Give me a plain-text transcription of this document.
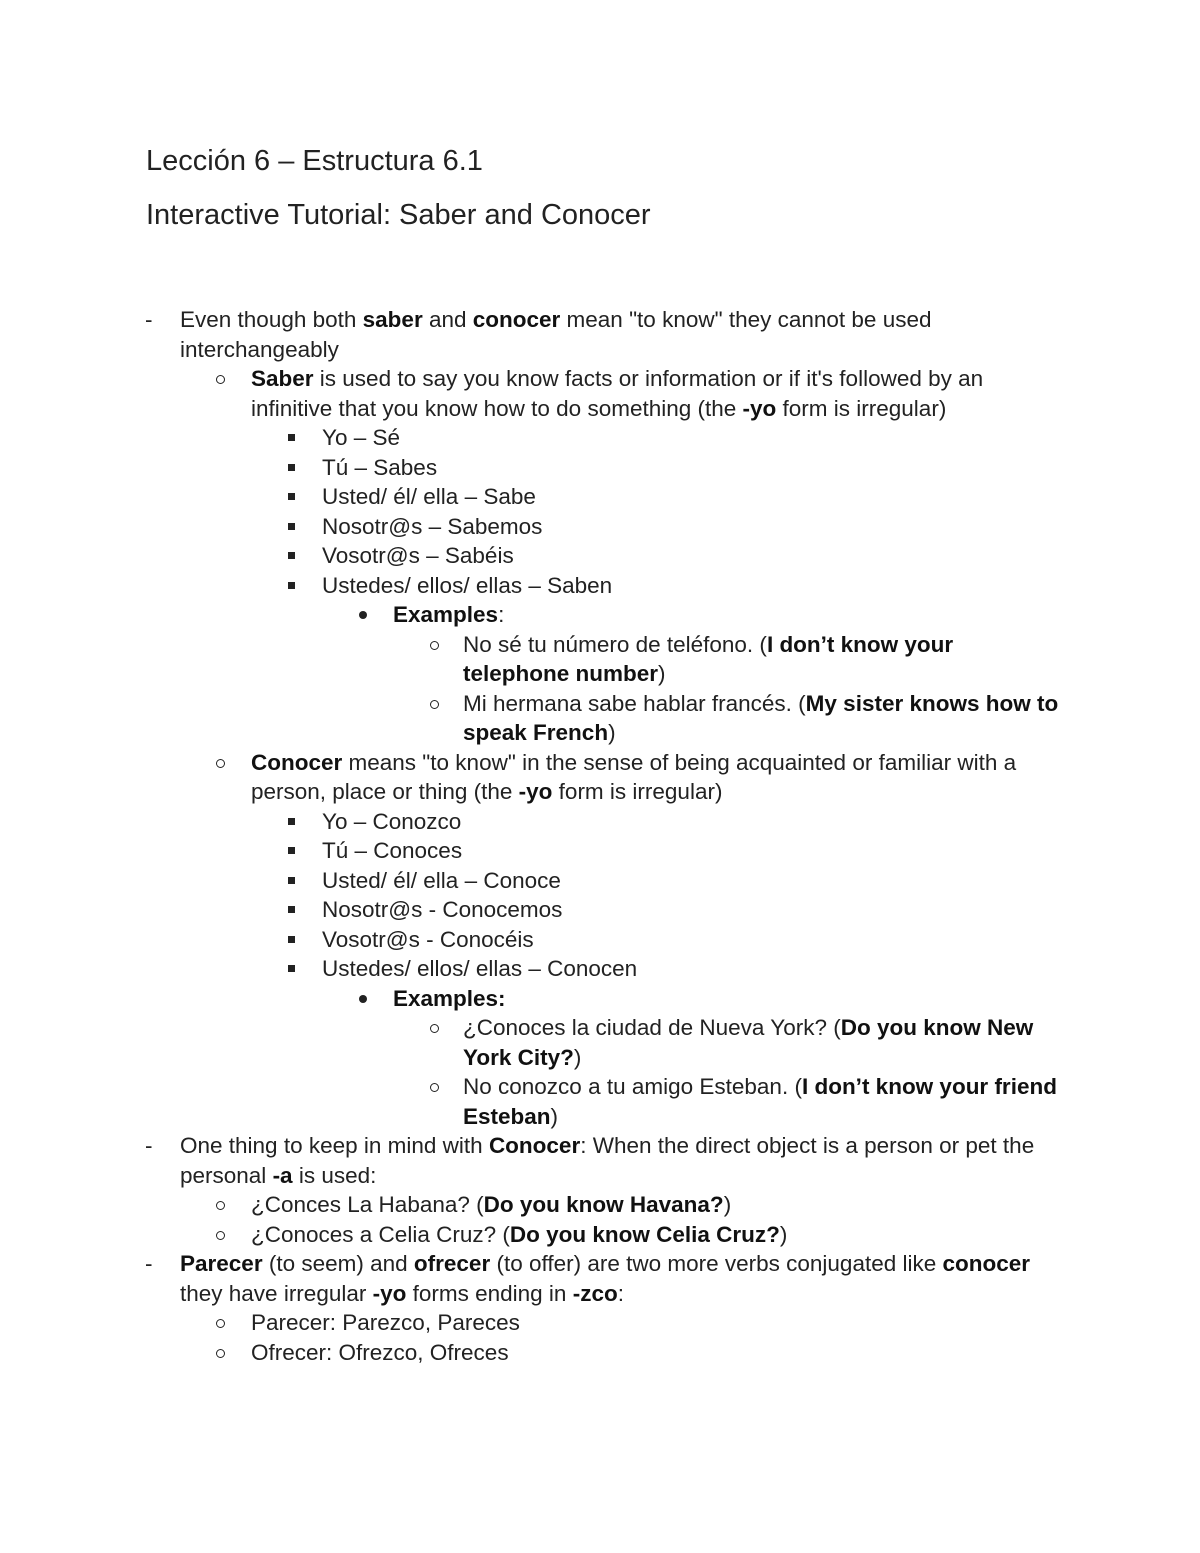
Lección 6 – Estructura 6.1
Interactive Tutorial: Saber and Conocer
- Even though both saber and conocer mean "to know" they cannot be used interchangeably
Saber is used to say you know facts or information or if it's followed by an infinitive that you know how to do something (the -yo form is irregular)
Yo – Sé
Tú – Sabes
Usted/ él/ ella – Sabe
Nosotr@s – Sabemos
Vosotr@s – Sabéis
Ustedes/ ellos/ ellas – Saben
Examples:
No sé tu número de teléfono. (I don’t know your telephone number)
Mi hermana sabe hablar francés. (My sister knows how to speak French)
Conocer means "to know" in the sense of being acquainted or familiar with a person, place or thing (the -yo form is irregular)
Yo – Conozco
Tú – Conoces
Usted/ él/ ella – Conoce
Nosotr@s - Conocemos
Vosotr@s - Conocéis
Ustedes/ ellos/ ellas – Conocen
Examples:
¿Conoces la ciudad de Nueva York? (Do you know New York City?)
No conozco a tu amigo Esteban. (I don’t know your friend Esteban)
- One thing to keep in mind with Conocer: When the direct object is a person or pet the personal -a is used:
¿Conces La Habana? (Do you know Havana?)
¿Conoces a Celia Cruz? (Do you know Celia Cruz?)
- Parecer (to seem) and ofrecer (to offer) are two more verbs conjugated like conocer they have irregular -yo forms ending in -zco:
Parecer: Parezco, Pareces
Ofrecer: Ofrezco, Ofreces
